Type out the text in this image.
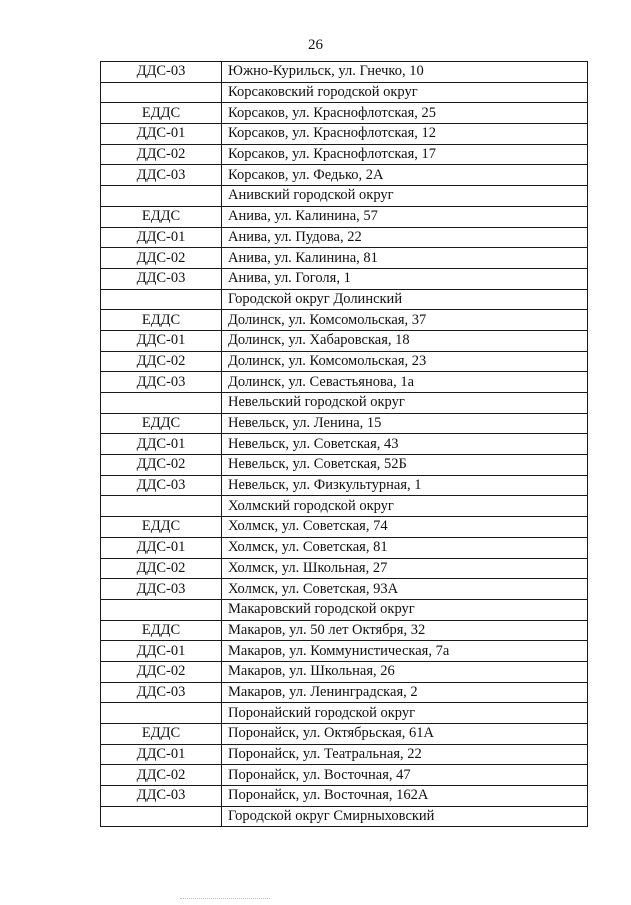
26
ДДС-03	Южно-Курильск, ул. Гнечко, 10
	Корсаковский городской округ
ЕДДС	Корсаков, ул. Краснофлотская, 25
ДДС-01	Корсаков, ул. Краснофлотская, 12
ДДС-02	Корсаков, ул. Краснофлотская, 17
ДДС-03	Корсаков, ул. Федько, 2А
	Анивский городской округ
ЕДДС	Анива, ул. Калинина, 57
ДДС-01	Анива, ул. Пудова, 22
ДДС-02	Анива, ул. Калинина, 81
ДДС-03	Анива, ул. Гоголя, 1
	Городской округ Долинский
ЕДДС	Долинск, ул. Комсомольская, 37
ДДС-01	Долинск, ул. Хабаровская, 18
ДДС-02	Долинск, ул. Комсомольская, 23
ДДС-03	Долинск, ул. Севастьянова, 1а
	Невельский городской округ
ЕДДС	Невельск, ул. Ленина, 15
ДДС-01	Невельск, ул. Советская, 43
ДДС-02	Невельск, ул. Советская, 52Б
ДДС-03	Невельск, ул. Физкультурная, 1
	Холмский городской округ
ЕДДС	Холмск, ул. Советская, 74
ДДС-01	Холмск, ул. Советская, 81
ДДС-02	Холмск, ул. Школьная, 27
ДДС-03	Холмск, ул. Советская, 93А
	Макаровский городской округ
ЕДДС	Макаров, ул. 50 лет Октября, 32
ДДС-01	Макаров, ул. Коммунистическая, 7а
ДДС-02	Макаров, ул. Школьная, 26
ДДС-03	Макаров, ул. Ленинградская, 2
	Поронайский городской округ
ЕДДС	Поронайск, ул. Октябрьская, 61А
ДДС-01	Поронайск, ул. Театральная, 22
ДДС-02	Поронайск, ул. Восточная, 47
ДДС-03	Поронайск, ул. Восточная, 162А
	Городской округ Смирныховский
